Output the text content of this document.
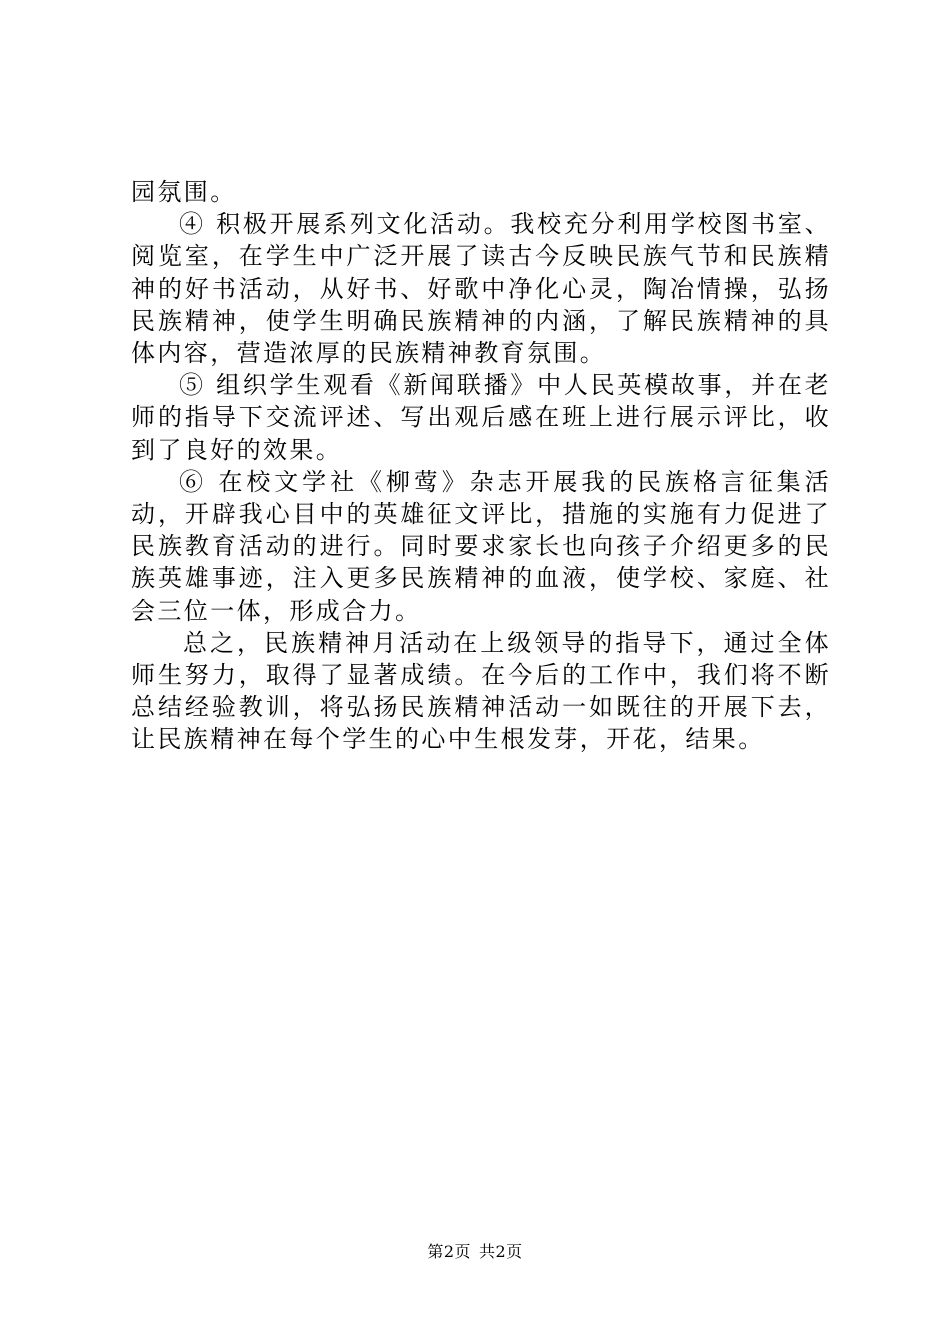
园氛围。

④ 积极开展系列文化活动。我校充分利用学校图书室、阅览室，在学生中广泛开展了读古今反映民族气节和民族精神的好书活动，从好书、好歌中净化心灵，陶冶情操，弘扬民族精神，使学生明确民族精神的内涵，了解民族精神的具体内容，营造浓厚的民族精神教育氛围。

⑤ 组织学生观看《新闻联播》中人民英模故事，并在老师的指导下交流评述、写出观后感在班上进行展示评比，收到了良好的效果。

⑥ 在校文学社《柳莺》杂志开展我的民族格言征集活动，开辟我心目中的英雄征文评比，措施的实施有力促进了民族教育活动的进行。同时要求家长也向孩子介绍更多的民族英雄事迹，注入更多民族精神的血液，使学校、家庭、社会三位一体，形成合力。

总之，民族精神月活动在上级领导的指导下，通过全体师生努力，取得了显著成绩。在今后的工作中，我们将不断总结经验教训，将弘扬民族精神活动一如既往的开展下去，让民族精神在每个学生的心中生根发芽，开花，结果。

第2页 共2页
